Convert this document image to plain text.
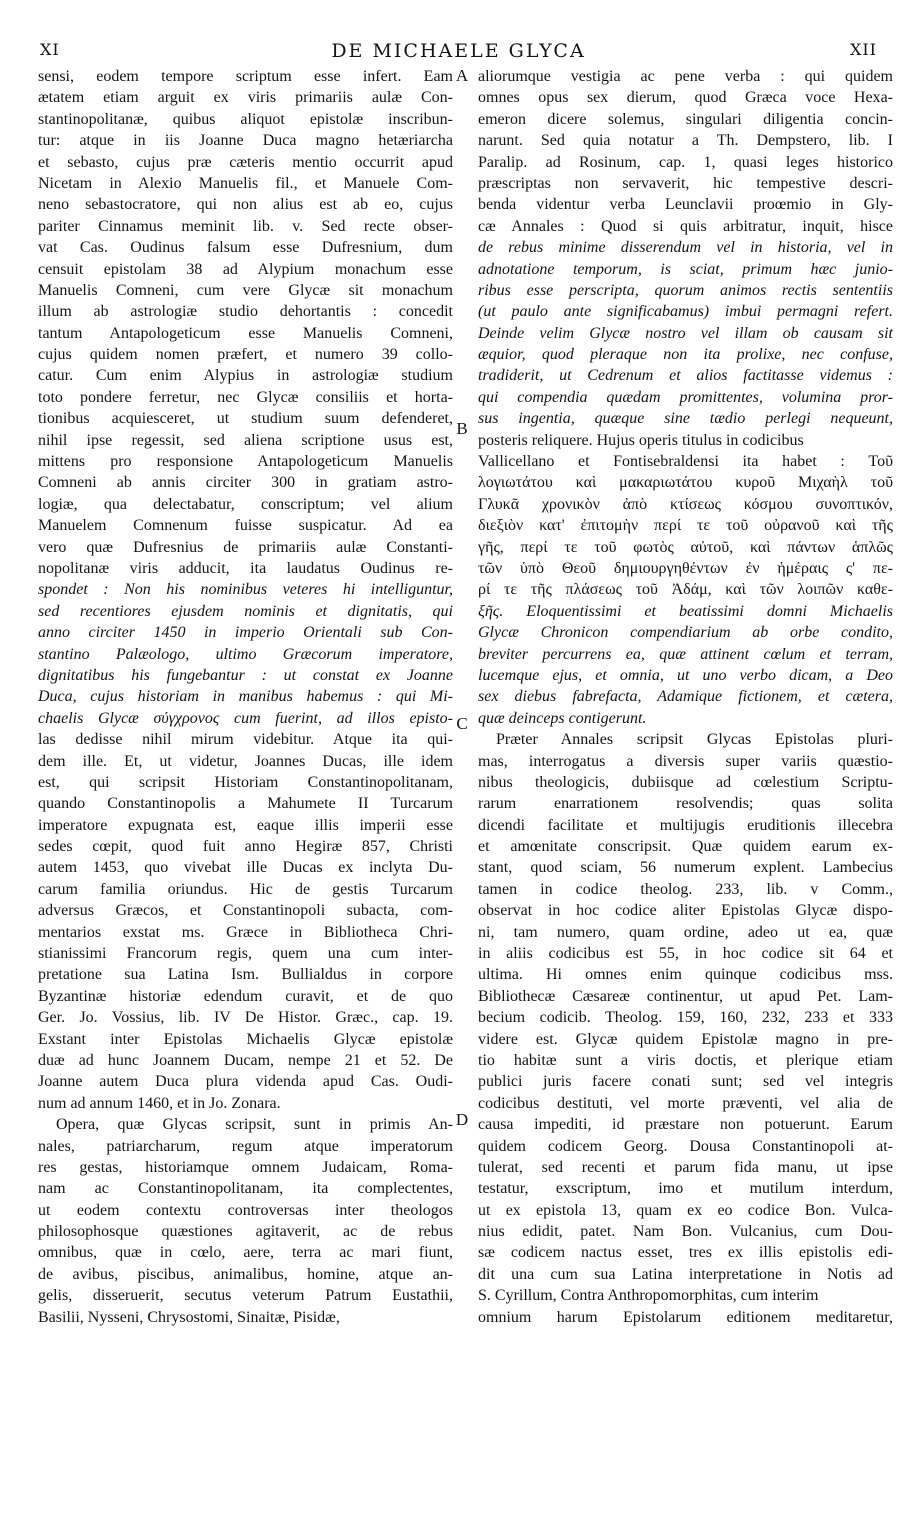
XI	DE MICHAELE GLYCA	XII
sensi, eodem tempore scriptum esse infert. Eam
ætatem etiam arguit ex viris primariis aulæ Con-
stantinopolitanæ, quibus aliquot epistolæ inscribun-
tur: atque in iis Joanne Duca magno hetæriarcha
et sebasto, cujus præ cæteris mentio occurrit apud
Nicetam in Alexio Manuelis fil., et Manuele Com-
neno sebastocratore, qui non alius est ab eo, cujus
pariter Cinnamus meminit lib. v. Sed recte obser-
vat Cas. Oudinus falsum esse Dufresnium, dum
censuit epistolam 38 ad Alypium monachum esse
Manuelis Comneni, cum vere Glycæ sit monachum
illum ab astrologiæ studio dehortantis : concedit
tantum Antapologeticum esse Manuelis Comneni,
cujus quidem nomen præfert, et numero 39 collo-
catur. Cum enim Alypius in astrologiæ studium
toto pondere ferretur, nec Glycæ consiliis et horta-
tionibus acquiesceret, ut studium suum defenderet,
nihil ipse regessit, sed aliena scriptione usus est,
mittens pro responsione Antapologeticum Manuelis
Comneni ab annis circiter 300 in gratiam astro-
logiæ, qua delectabatur, conscriptum; vel alium
Manuelem Comnenum fuisse suspicatur. Ad ea
vero quæ Dufresnius de primariis aulæ Constanti-
nopolitanæ viris adducit, ita laudatus Oudinus re-
spondet : Non his nominibus veteres hi intelliguntur,
sed recentiores ejusdem nominis et dignitatis, qui
anno circiter 1450 in imperio Orientali sub Con-
stantino Palæologo, ultimo Græcorum imperatore,
dignitatibus his fungebantur : ut constat ex Joanne
Duca, cujus historiam in manibus habemus : qui Mi-
chaelis Glycæ σύγχρονος cum fuerint, ad illos episto-
las dedisse nihil mirum videbitur. Atque ita qui-
dem ille. Et, ut videtur, Joannes Ducas, ille idem
est, qui scripsit Historiam Constantinopolitanam,
quando Constantinopolis a Mahumete II Turcarum
imperatore expugnata est, eaque illis imperii esse
sedes cœpit, quod fuit anno Hegiræ 857, Christi
autem 1453, quo vivebat ille Ducas ex inclyta Du-
carum familia oriundus. Hic de gestis Turcarum
adversus Græcos, et Constantinopoli subacta, com-
mentarios exstat ms. Græce in Bibliotheca Chri-
stianissimi Francorum regis, quem una cum inter-
pretatione sua Latina Ism. Bullialdus in corpore
Byzantinæ historiæ edendum curavit, et de quo
Ger. Jo. Vossius, lib. IV De Histor. Græc., cap. 19.
Exstant inter Epistolas Michaelis Glycæ epistolæ
duæ ad hunc Joannem Ducam, nempe 21 et 52. De
Joanne autem Duca plura videnda apud Cas. Oudi-
num ad annum 1460, et in Jo. Zonara.
Opera, quæ Glycas scripsit, sunt in primis An-
nales, patriarcharum, regum atque imperatorum
res gestas, historiamque omnem Judaicam, Roma-
nam ac Constantinopolitanam, ita complectentes,
ut eodem contextu controversas inter theologos
philosophosque quæstiones agitaverit, ac de rebus
omnibus, quæ in cœlo, aere, terra ac mari fiunt,
de avibus, piscibus, animalibus, homine, atque an-
gelis, disseruerit, secutus veterum Patrum Eustathii,
Basilii, Nysseni, Chrysostomi, Sinaitæ, Pisidæ,
aliorumque vestigia ac pene verba : qui quidem
omnes opus sex dierum, quod Græca voce Hexa-
emeron dicere solemus, singulari diligentia concin-
narunt. Sed quia notatur a Th. Dempstero, lib. I
Paralip. ad Rosinum, cap. 1, quasi leges historico
præscriptas non servaverit, hic tempestive descri-
benda videntur verba Leunclavii proœmio in Gly-
cæ Annales : Quod si quis arbitratur, inquit, hisce
de rebus minime disserendum vel in historia, vel in
adnotatione temporum, is sciat, primum hæc junio-
ribus esse perscripta, quorum animos rectis sententiis
(ut paulo ante significabamus) imbui permagni refert.
Deinde velim Glycæ nostro vel illam ob causam sit
æquior, quod pleraque non ita prolixe, nec confuse,
tradiderit, ut Cedrenum et alios factitasse videmus :
qui compendia quædam promittentes, volumina pror-
sus ingentia, quæque sine tædio perlegi nequeunt,
posteris reliquere. Hujus operis titulus in codicibus
Vallicellano et Fontisebraldensi ita habet : Τοῦ
λογιωτάτου καὶ μακαριωτάτου κυροῦ Μιχαὴλ τοῦ
Γλυκᾶ χρονικὸν ἀπὸ κτίσεως κόσμου συνοπτικόν,
διεξιὸν κατ' ἐπιτομὴν περί τε τοῦ οὐρανοῦ καὶ τῆς
γῆς, περί τε τοῦ φωτὸς αὐτοῦ, καὶ πάντων ἁπλῶς
τῶν ὑπὸ Θεοῦ δημιουργηθέντων ἐν ἡμέραις ς' πε-
ρί τε τῆς πλάσεως τοῦ Ἀδάμ, καὶ τῶν λοιπῶν καθε-
ξῆς. Eloquentissimi et beatissimi domni Michaelis
Glycæ Chronicon compendiarium ab orbe condito,
breviter percurrens ea, quæ attinent cœlum et terram,
lucemque ejus, et omnia, ut uno verbo dicam, a Deo
sex diebus fabrefacta, Adamique fictionem, et cætera,
quæ deinceps contigerunt.
Præter Annales scripsit Glycas Epistolas pluri-
mas, interrogatus a diversis super variis quæstio-
nibus theologicis, dubiisque ad cœlestium Scriptu-
rarum enarrationem resolvendis; quas solita
dicendi facilitate et multijugis eruditionis illecebra
et amœnitate conscripsit. Quæ quidem earum ex-
stant, quod sciam, 56 numerum explent. Lambecius
tamen in codice theolog. 233, lib. v Comm.,
observat in hoc codice aliter Epistolas Glycæ dispo-
ni, tam numero, quam ordine, adeo ut ea, quæ
in aliis codicibus est 55, in hoc codice sit 64 et
ultima. Hi omnes enim quinque codicibus mss.
Bibliothecæ Cæsareæ continentur, ut apud Pet. Lam-
becium codicib. Theolog. 159, 160, 232, 233 et 333
videre est. Glycæ quidem Epistolæ magno in pre-
tio habitæ sunt a viris doctis, et plerique etiam
publici juris facere conati sunt; sed vel integris
codicibus destituti, vel morte præventi, vel alia de
causa impediti, id præstare non potuerunt. Earum
quidem codicem Georg. Dousa Constantinopoli at-
tulerat, sed recenti et parum fida manu, ut ipse
testatur, exscriptum, imo et mutilum interdum,
ut ex epistola 13, quam ex eo codice Bon. Vulca-
nius edidit, patet. Nam Bon. Vulcanius, cum Dou-
sæ codicem nactus esset, tres ex illis epistolis edi-
dit una cum sua Latina interpretatione in Notis ad
S. Cyrillum, Contra Anthropomorphitas, cum interim
omnium harum Epistolarum editionem meditaretur,
A
B
C
D
